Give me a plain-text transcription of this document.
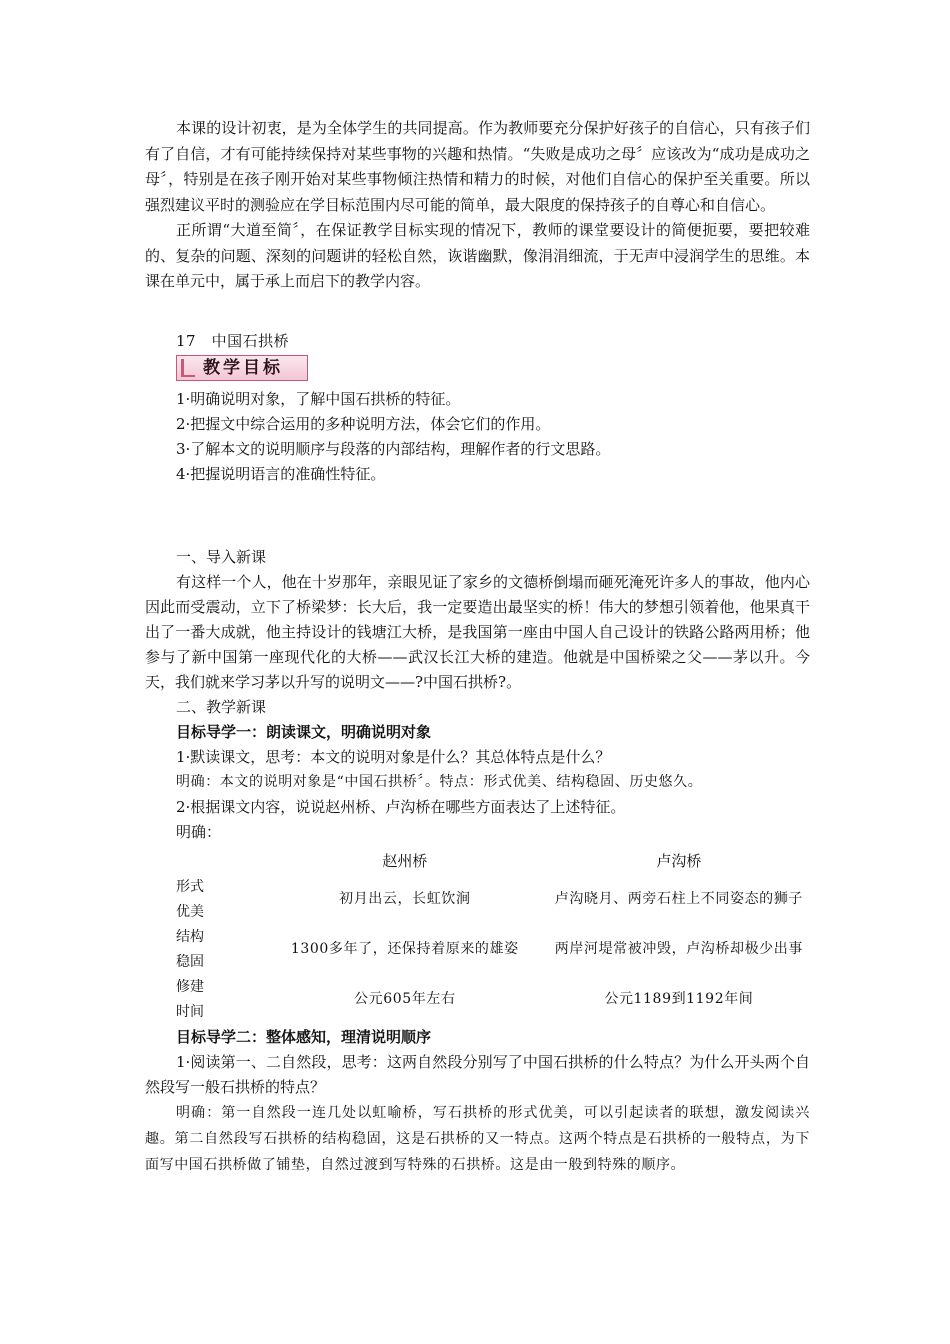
本课的设计初衷，是为全体学生的共同提高。作为教师要充分保护好孩子的自信心，只有孩子们有了自信，才有可能持续保持对某些事物的兴趣和热情。“失败是成功之母〞应该改为“成功是成功之母〞，特别是在孩子刚开始对某些事物倾注热情和精力的时候，对他们自信心的保护至关重要。所以强烈建议平时的测验应在学目标范围内尽可能的简单，最大限度的保持孩子的自尊心和自信心。

正所谓“大道至简〞，在保证教学目标实现的情况下，教师的课堂要设计的简便扼要，要把较难的、复杂的问题、深刻的问题讲的轻松自然，诙谐幽默，像涓涓细流，于无声中浸润学生的思维。本课在单元中，属于承上而启下的教学内容。

17　中国石拱桥

教学目标

1·明确说明对象，了解中国石拱桥的特征。

2·把握文中综合运用的多种说明方法，体会它们的作用。

3·了解本文的说明顺序与段落的内部结构，理解作者的行文思路。

4·把握说明语言的准确性特征。

一、导入新课

有这样一个人，他在十岁那年，亲眼见证了家乡的文德桥倒塌而砸死淹死许多人的事故，他内心因此而受震动，立下了桥梁梦：长大后，我一定要造出最坚实的桥！伟大的梦想引领着他，他果真干出了一番大成就，他主持设计的钱塘江大桥，是我国第一座由中国人自己设计的铁路公路两用桥；他参与了新中国第一座现代化的大桥——武汉长江大桥的建造。他就是中国桥梁之父——茅以升。今天，我们就来学习茅以升写的说明文——?中国石拱桥?。

二、教学新课

目标导学一：朗读课文，明确说明对象

1·默读课文，思考：本文的说明对象是什么？其总体特点是什么？

明确：本文的说明对象是“中国石拱桥〞。特点：形式优美、结构稳固、历史悠久。

2·根据课文内容，说说赵州桥、卢沟桥在哪些方面表达了上述特征。

明确：

	赵州桥	卢沟桥

形式
优美	初月出云，长虹饮涧	卢沟晓月、两旁石柱上不同姿态的狮子

结构
稳固	1300多年了，还保持着原来的雄姿	两岸河堤常被冲毁，卢沟桥却极少出事

修建
时间	公元605年左右	公元1189到1192年间

目标导学二：整体感知，理清说明顺序

1·阅读第一、二自然段，思考：这两自然段分别写了中国石拱桥的什么特点？为什么开头两个自然段写一般石拱桥的特点？

明确：第一自然段一连几处以虹喻桥，写石拱桥的形式优美，可以引起读者的联想，激发阅读兴趣。第二自然段写石拱桥的结构稳固，这是石拱桥的又一特点。这两个特点是石拱桥的一般特点，为下面写中国石拱桥做了铺垫，自然过渡到写特殊的石拱桥。这是由一般到特殊的顺序。
